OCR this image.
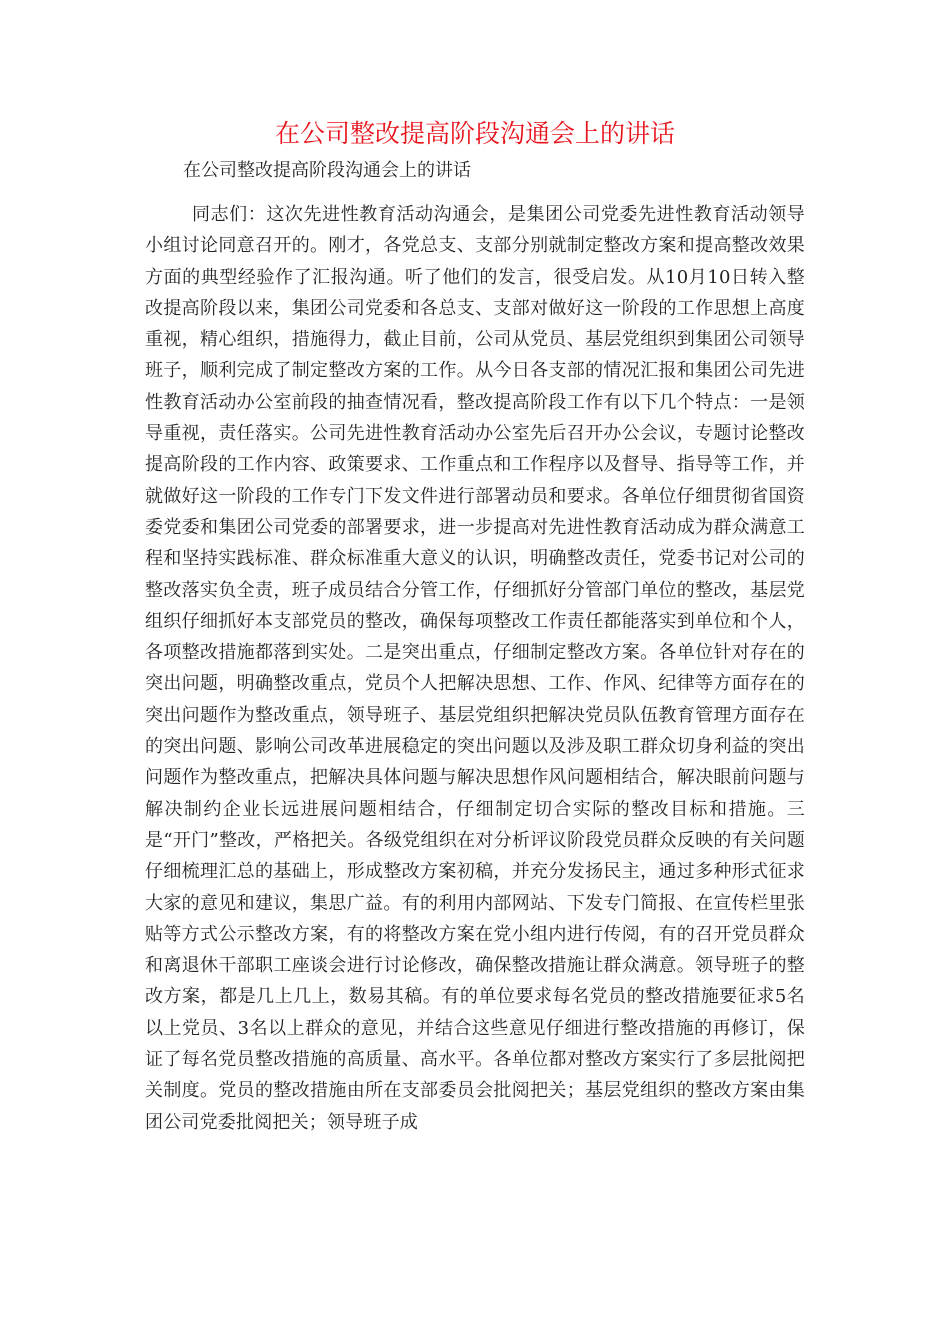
在公司整改提高阶段沟通会上的讲话

在公司整改提高阶段沟通会上的讲话

同志们：这次先进性教育活动沟通会，是集团公司党委先进性教育活动领导小组讨论同意召开的。刚才，各党总支、支部分别就制定整改方案和提高整改效果方面的典型经验作了汇报沟通。听了他们的发言，很受启发。从10月10日转入整改提高阶段以来，集团公司党委和各总支、支部对做好这一阶段的工作思想上高度重视，精心组织，措施得力，截止目前，公司从党员、基层党组织到集团公司领导班子，顺利完成了制定整改方案的工作。从今日各支部的情况汇报和集团公司先进性教育活动办公室前段的抽查情况看，整改提高阶段工作有以下几个特点：一是领导重视，责任落实。公司先进性教育活动办公室先后召开办公会议，专题讨论整改提高阶段的工作内容、政策要求、工作重点和工作程序以及督导、指导等工作，并就做好这一阶段的工作专门下发文件进行部署动员和要求。各单位仔细贯彻省国资委党委和集团公司党委的部署要求，进一步提高对先进性教育活动成为群众满意工程和坚持实践标准、群众标准重大意义的认识，明确整改责任，党委书记对公司的整改落实负全责，班子成员结合分管工作，仔细抓好分管部门单位的整改，基层党组织仔细抓好本支部党员的整改，确保每项整改工作责任都能落实到单位和个人，各项整改措施都落到实处。二是突出重点，仔细制定整改方案。各单位针对存在的突出问题，明确整改重点，党员个人把解决思想、工作、作风、纪律等方面存在的突出问题作为整改重点，领导班子、基层党组织把解决党员队伍教育管理方面存在的突出问题、影响公司改革进展稳定的突出问题以及涉及职工群众切身利益的突出问题作为整改重点，把解决具体问题与解决思想作风问题相结合，解决眼前问题与解决制约企业长远进展问题相结合，仔细制定切合实际的整改目标和措施。三是“开门”整改，严格把关。各级党组织在对分析评议阶段党员群众反映的有关问题仔细梳理汇总的基础上，形成整改方案初稿，并充分发扬民主，通过多种形式征求大家的意见和建议，集思广益。有的利用内部网站、下发专门简报、在宣传栏里张贴等方式公示整改方案，有的将整改方案在党小组内进行传阅，有的召开党员群众和离退休干部职工座谈会进行讨论修改，确保整改措施让群众满意。领导班子的整改方案，都是几上几上，数易其稿。有的单位要求每名党员的整改措施要征求5名以上党员、3名以上群众的意见，并结合这些意见仔细进行整改措施的再修订，保证了每名党员整改措施的高质量、高水平。各单位都对整改方案实行了多层批阅把关制度。党员的整改措施由所在支部委员会批阅把关；基层党组织的整改方案由集团公司党委批阅把关；领导班子成
